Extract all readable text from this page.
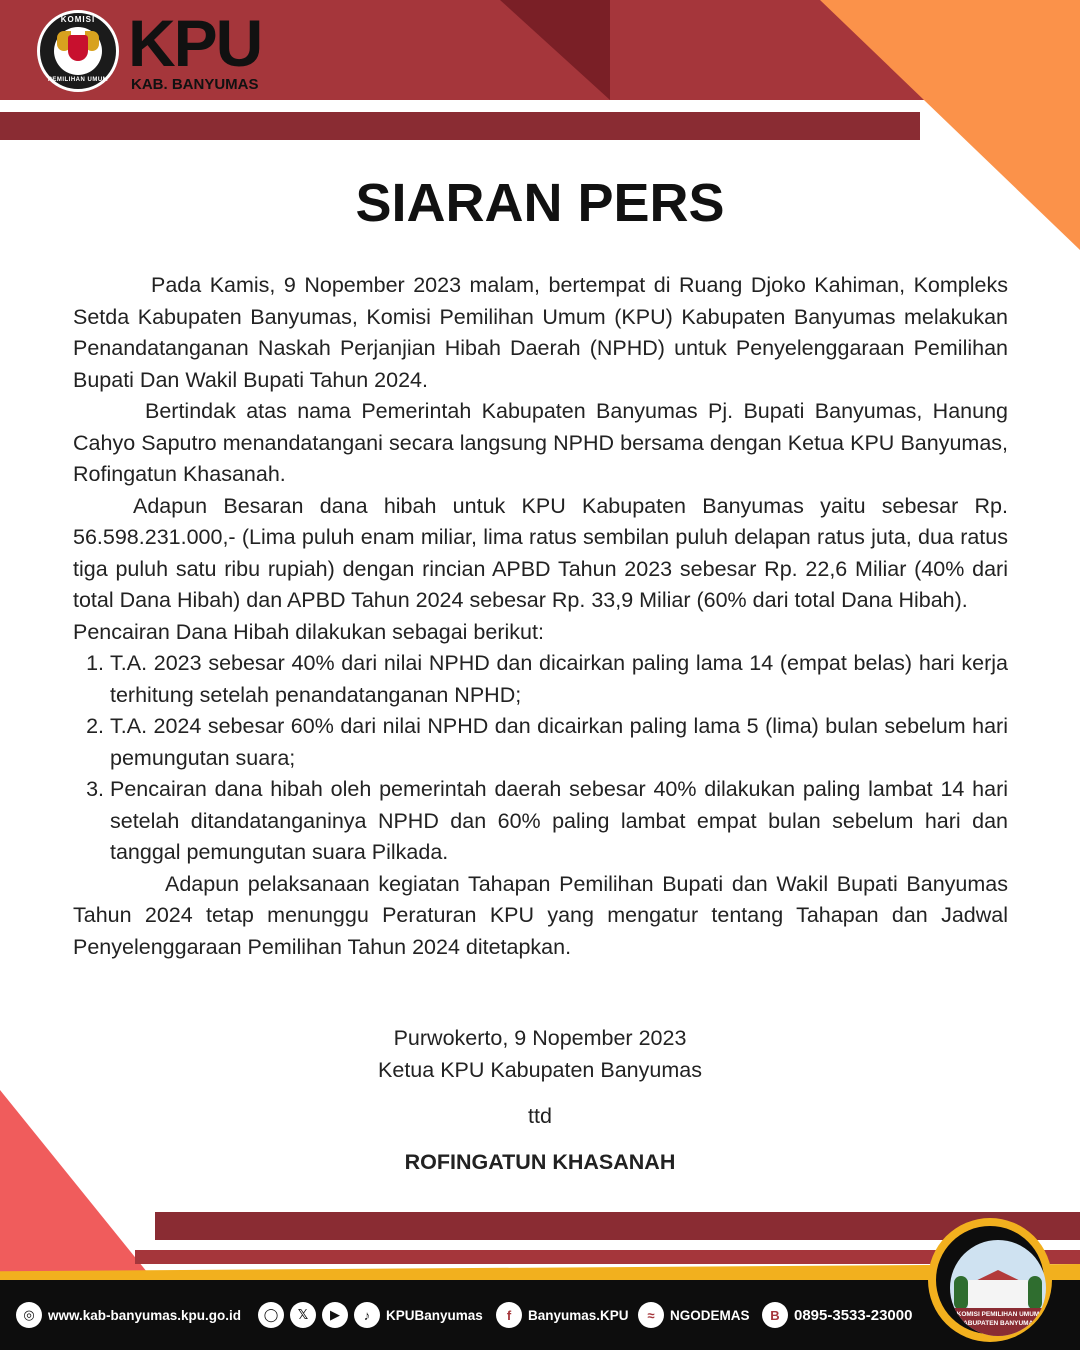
KOMISI
PEMILIHAN UMUM KPU
KAB. BANYUMAS
SIARAN PERS

Pada Kamis, 9 Nopember 2023 malam, bertempat di Ruang Djoko Kahiman, Kompleks Setda Kabupaten Banyumas, Komisi Pemilihan Umum (KPU) Kabupaten Banyumas melakukan Penandatanganan Naskah Perjanjian Hibah Daerah (NPHD) untuk Penyelenggaraan Pemilihan Bupati Dan Wakil Bupati Tahun 2024.

Bertindak atas nama Pemerintah Kabupaten Banyumas Pj. Bupati Banyumas, Hanung Cahyo Saputro menandatangani secara langsung NPHD bersama dengan Ketua KPU Banyumas, Rofingatun Khasanah.

Adapun Besaran dana hibah untuk KPU Kabupaten Banyumas yaitu sebesar Rp. 56.598.231.000,- (Lima puluh enam miliar, lima ratus sembilan puluh delapan ratus juta, dua ratus tiga puluh satu ribu rupiah) dengan rincian APBD Tahun 2023 sebesar Rp. 22,6 Miliar (40% dari total Dana Hibah) dan APBD Tahun 2024 sebesar Rp. 33,9 Miliar (60% dari total Dana Hibah).

Pencairan Dana Hibah dilakukan sebagai berikut:

1. T.A. 2023 sebesar 40% dari nilai NPHD dan dicairkan paling lama 14 (empat belas) hari kerja terhitung setelah penandatanganan NPHD;
2. T.A. 2024 sebesar 60% dari nilai NPHD dan dicairkan paling lama 5 (lima) bulan sebelum hari pemungutan suara;
3. Pencairan dana hibah oleh pemerintah daerah sebesar 40% dilakukan paling lambat 14 hari setelah ditandatanganinya NPHD dan 60% paling lambat empat bulan sebelum hari dan tanggal pemungutan suara Pilkada.

Adapun pelaksanaan kegiatan Tahapan Pemilihan Bupati dan Wakil Bupati Banyumas Tahun 2024 tetap menunggu Peraturan KPU yang mengatur tentang Tahapan dan Jadwal Penyelenggaraan Pemilihan Tahun 2024 ditetapkan.

Purwokerto, 9 Nopember 2023
Ketua KPU Kabupaten Banyumas
ttd
ROFINGATUN KHASANAH
◎ www.kab-banyumas.kpu.go.id	◯	𝕏	▶	♪	KPUBanyumas	f	Banyumas.KPU	≈	NGODEMAS	B 0895-3533-23000	KOMISI PEMILIHAN UMUM
KABUPATEN BANYUMAS
